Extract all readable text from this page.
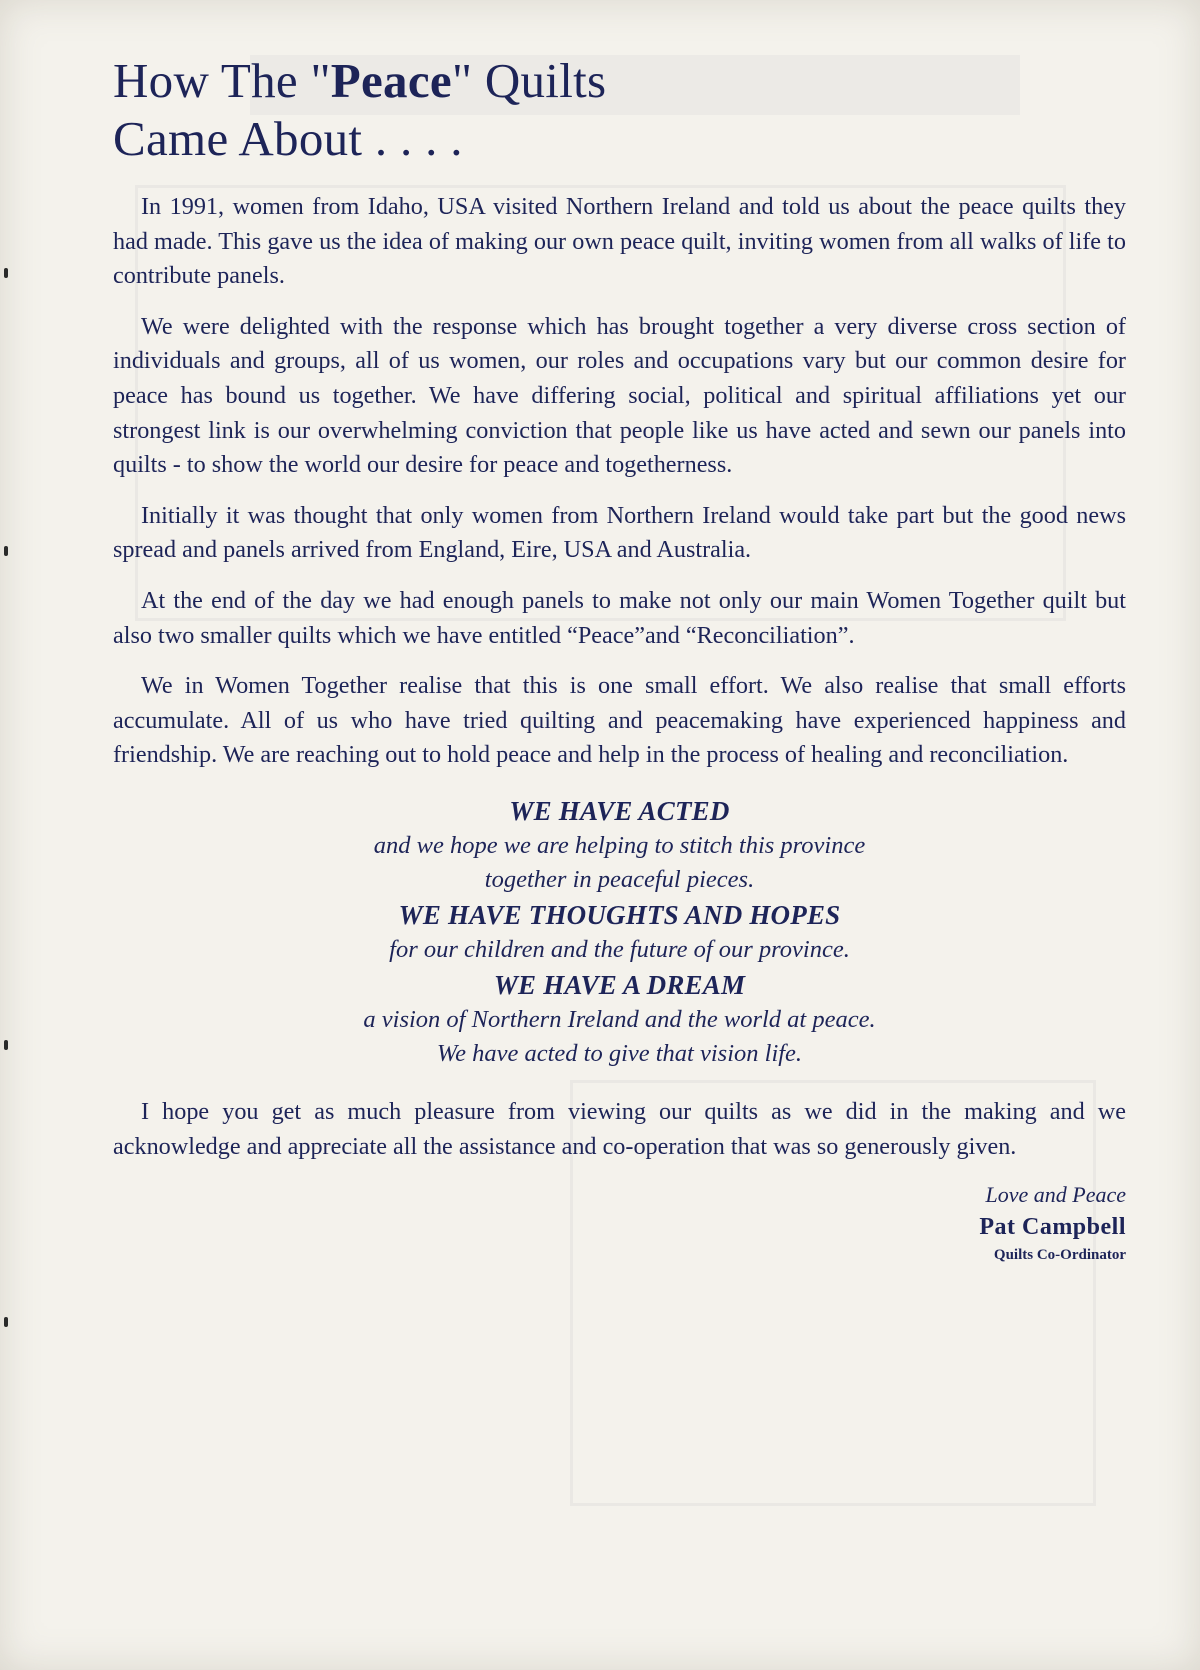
How The "Peace" Quilts
Came About . . . .

In 1991, women from Idaho, USA visited Northern Ireland and told us about the peace quilts they had made. This gave us the idea of making our own peace quilt, inviting women from all walks of life to contribute panels.

We were delighted with the response which has brought together a very diverse cross section of individuals and groups, all of us women, our roles and occupations vary but our common desire for peace has bound us together. We have differing social, political and spiritual affiliations yet our strongest link is our overwhelming conviction that people like us have acted and sewn our panels into quilts - to show the world our desire for peace and togetherness.

Initially it was thought that only women from Northern Ireland would take part but the good news spread and panels arrived from England, Eire, USA and Australia.

At the end of the day we had enough panels to make not only our main Women Together quilt but also two smaller quilts which we have entitled “Peace”and “Reconciliation”.

We in Women Together realise that this is one small effort. We also realise that small efforts accumulate. All of us who have tried quilting and peacemaking have experienced happiness and friendship. We are reaching out to hold peace and help in the process of healing and reconciliation.

WE HAVE ACTED
and we hope we are helping to stitch this province
together in peaceful pieces.
WE HAVE THOUGHTS AND HOPES
for our children and the future of our province.
WE HAVE A DREAM
a vision of Northern Ireland and the world at peace.
We have acted to give that vision life.

I hope you get as much pleasure from viewing our quilts as we did in the making and we acknowledge and appreciate all the assistance and co-operation that was so generously given.

Love and Peace
Pat Campbell
Quilts Co-Ordinator
